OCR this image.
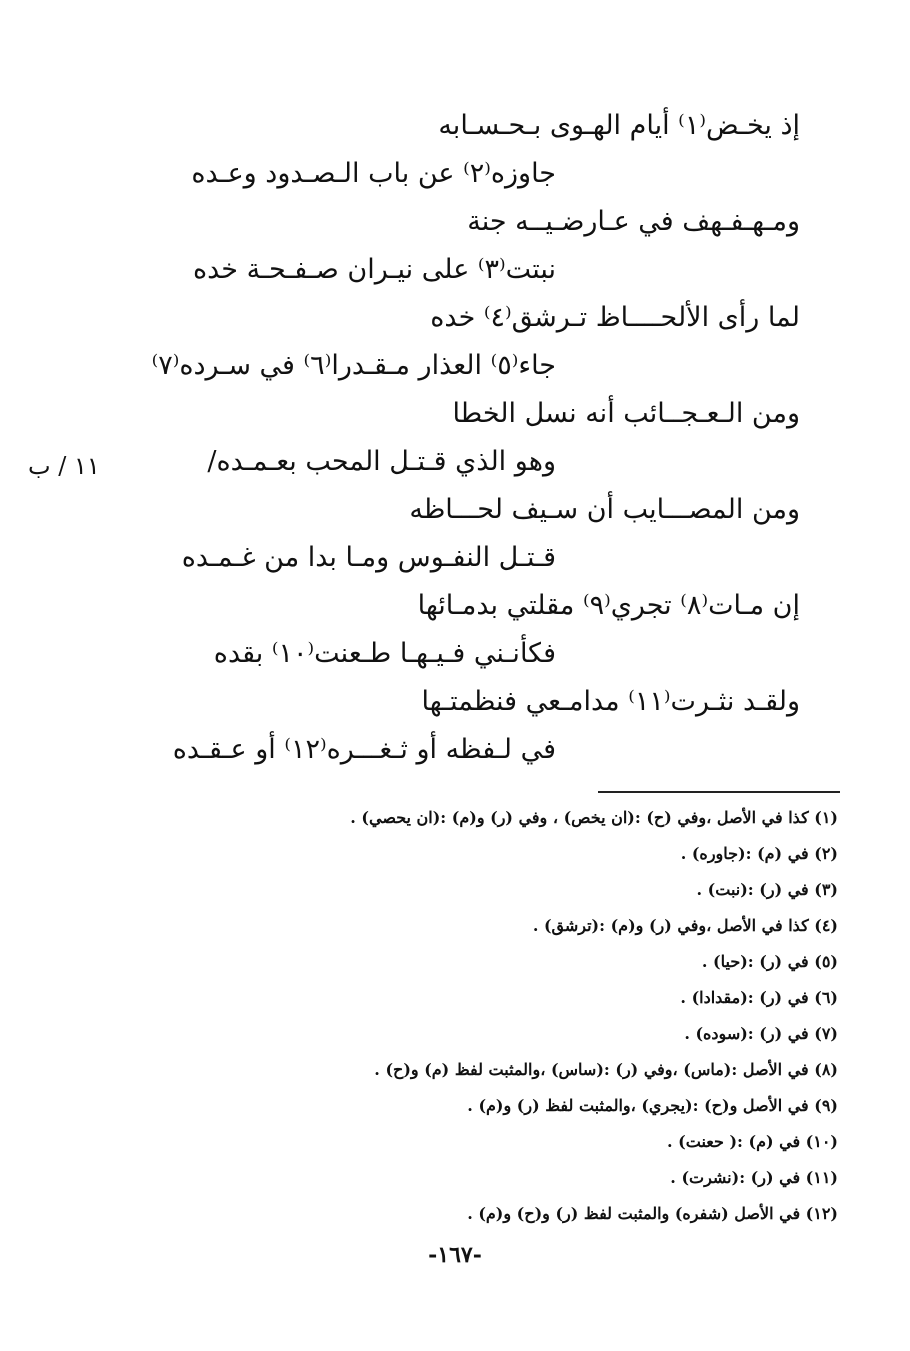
إذ يخـض⁽١⁾ أيام الهـوى بـحـسـابه
جاوزه⁽٢⁾ عن باب الـصـدود وعـده
ومـهـفـهف في عـارضـيــه جنة
نبتت⁽٣⁾ على نيـران صـفـحـة خده
لما رأى الألحــــاظ تـرشق⁽٤⁾ خده
جاء⁽٥⁾ العذار مـقـدرا⁽٦⁾ في سـرده⁽٧⁾
ومن الـعـجــائب أنه نسل الخطا
وهو الذي قـتـل المحب بعـمـده/
ومن المصـــايب أن سـيف لحـــاظه
قـتـل النفـوس ومـا بدا من غـمـده
إن مـات⁽٨⁾ تجري⁽٩⁾ مقلتي بدمـائها
فكأنـني فـيـهـا طـعنت⁽١٠⁾ بقده
ولقـد نثـرت⁽١١⁾ مدامـعي فنظمتـها
في لـفظه أو ثـغـــره⁽١٢⁾ أو عـقـده
١١ / ب
(١) كذا في الأصل ،وفي (ح) :(ان يخص) ، وفي (ر) و(م) :(ان يحصي) .
(٢) في (م) :(جاوره) .
(٣) في (ر) :(نبت) .
(٤) كذا في الأصل ،وفي (ر) و(م) :(ترشق) .
(٥) في (ر) :(حيا) .
(٦) في (ر) :(مقدادا) .
(٧) في (ر) :(سوده) .
(٨) في الأصل :(ماس) ،وفي (ر) :(ساس) ،والمثبت لفظ (م) و(ح) .
(٩) في الأصل و(ح) :(يجري) ،والمثبت لفظ (ر) و(م) .
(١٠) في (م) :( حعنت) .
(١١) في (ر) :(نشرت) .
(١٢) في الأصل (شفره) والمثبت لفظ (ر) و(ح) و(م) .
-١٦٧-
